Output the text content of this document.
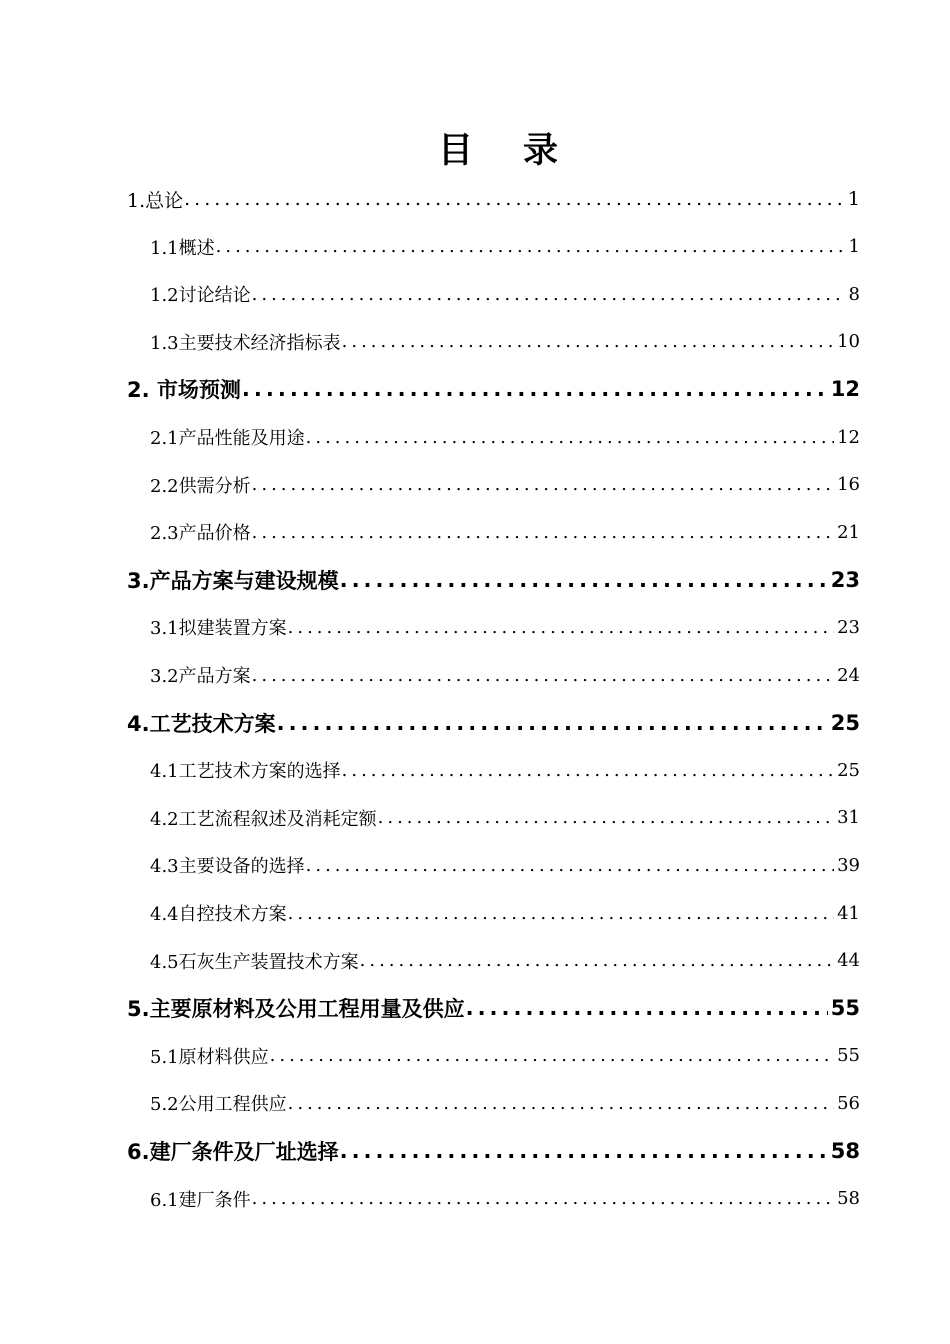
目 录
1.总论 .....	1
1.1概述 .....	1
1.2讨论结论 .....	8
1.3主要技术经济指标表 .....	10
2. 市场预测 .....	12
2.1产品性能及用途 .....	12
2.2供需分析 .....	16
2.3产品价格 .....	21
3.产品方案与建设规模 .....	23
3.1拟建装置方案 .....	23
3.2产品方案 .....	24
4.工艺技术方案 .....	25
4.1工艺技术方案的选择 .....	25
4.2工艺流程叙述及消耗定额 .....	31
4.3主要设备的选择 .....	39
4.4自控技术方案 .....	41
4.5石灰生产装置技术方案 .....	44
5.主要原材料及公用工程用量及供应 .....	55
5.1原材料供应 .....	55
5.2公用工程供应 .....	56
6.建厂条件及厂址选择 .....	58
6.1建厂条件 .....	58
